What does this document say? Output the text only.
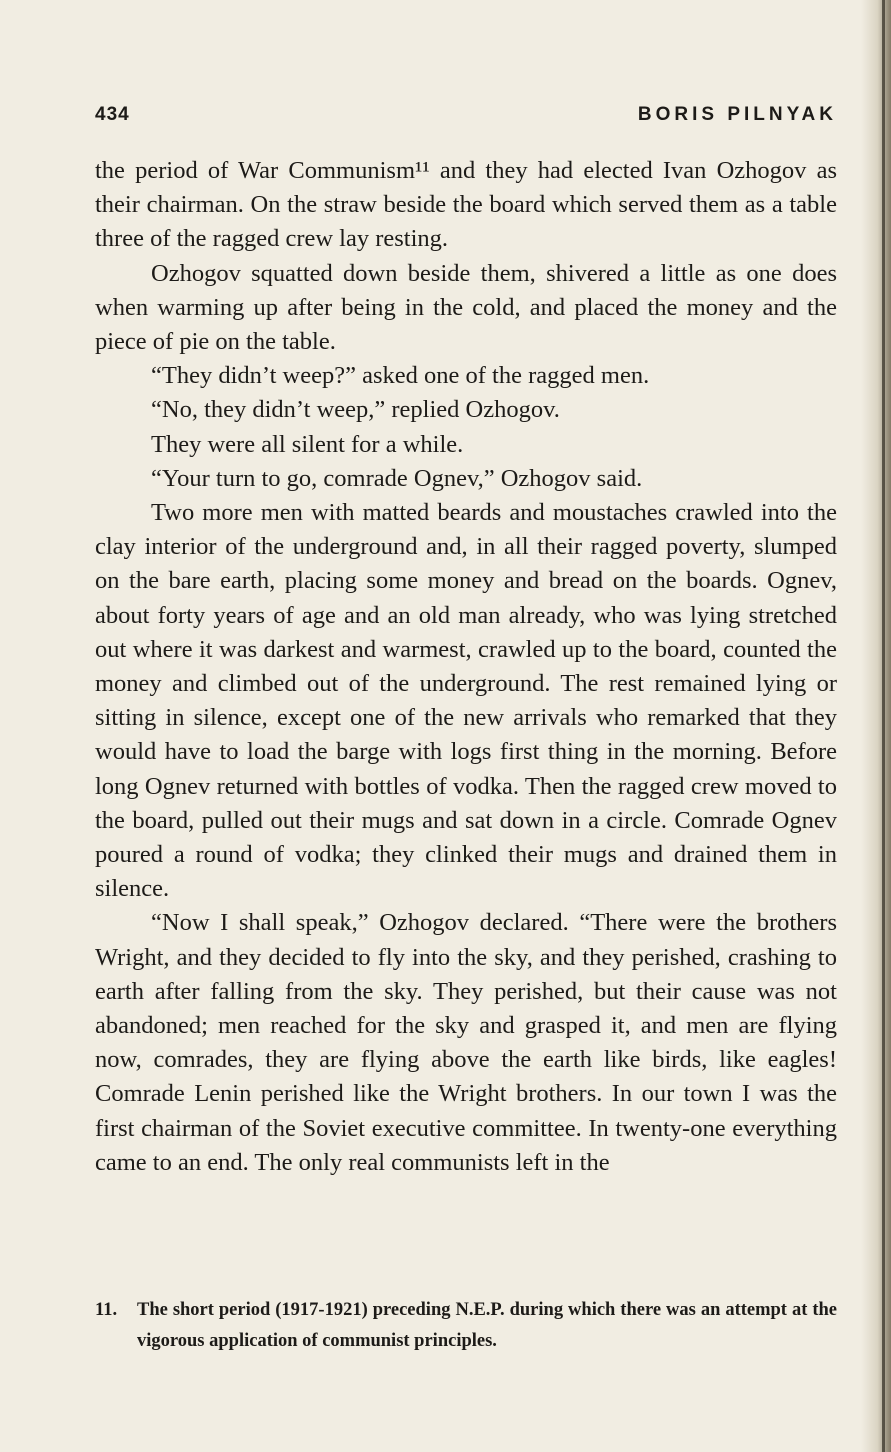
434	BORIS PILNYAK

the period of War Communism¹¹ and they had elected Ivan Ozhogov as their chairman. On the straw beside the board which served them as a table three of the ragged crew lay resting.

Ozhogov squatted down beside them, shivered a little as one does when warming up after being in the cold, and placed the money and the piece of pie on the table.

“They didn’t weep?” asked one of the ragged men.

“No, they didn’t weep,” replied Ozhogov.

They were all silent for a while.

“Your turn to go, comrade Ognev,” Ozhogov said.

Two more men with matted beards and moustaches crawled into the clay interior of the underground and, in all their ragged poverty, slumped on the bare earth, placing some money and bread on the boards. Ognev, about forty years of age and an old man already, who was lying stretched out where it was darkest and warmest, crawled up to the board, counted the money and climbed out of the underground. The rest remained lying or sitting in silence, except one of the new arrivals who remarked that they would have to load the barge with logs first thing in the morning. Before long Ognev returned with bottles of vodka. Then the ragged crew moved to the board, pulled out their mugs and sat down in a circle. Comrade Ognev poured a round of vodka; they clinked their mugs and drained them in silence.

“Now I shall speak,” Ozhogov declared. “There were the brothers Wright, and they decided to fly into the sky, and they perished, crashing to earth after falling from the sky. They perished, but their cause was not abandoned; men reached for the sky and grasped it, and men are flying now, comrades, they are flying above the earth like birds, like eagles! Comrade Lenin perished like the Wright brothers. In our town I was the first chairman of the Soviet executive committee. In twenty-one everything came to an end. The only real communists left in the

11. The short period (1917-1921) preceding N.E.P. during which there was an attempt at the vigorous application of communist principles.
